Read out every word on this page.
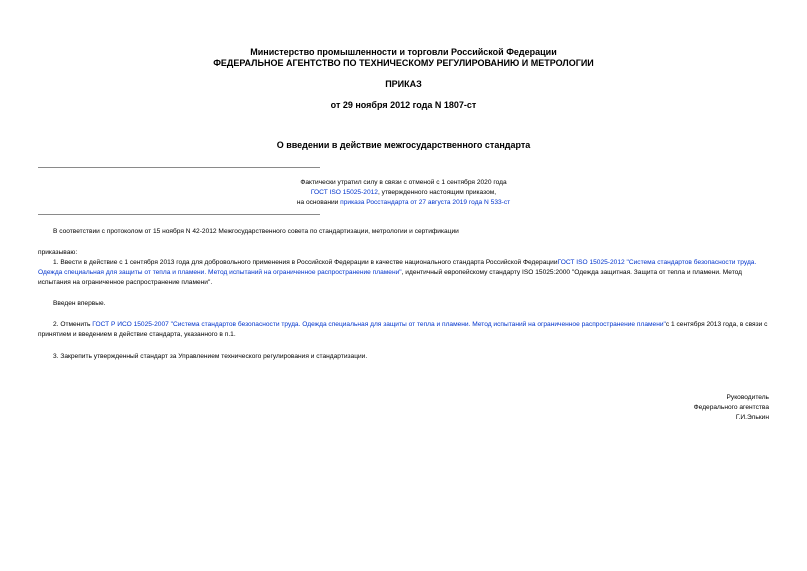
Министерство промышленности и торговли Российской Федерации
ФЕДЕРАЛЬНОЕ АГЕНТСТВО ПО ТЕХНИЧЕСКОМУ РЕГУЛИРОВАНИЮ И МЕТРОЛОГИИ
ПРИКАЗ
от 29 ноября 2012 года N 1807-ст
О введении в действие межгосударственного стандарта
Фактически утратил силу в связи с отменой с 1 сентября 2020 года
ГОСТ ISO 15025-2012, утвержденного настоящим приказом,
на основании приказа Росстандарта от 27 августа 2019 года N 533-ст
В соответствии с протоколом от 15 ноября N 42-2012 Межгосударственного совета по стандартизации, метрологии и сертификации
приказываю:
1. Ввести в действие с 1 сентября 2013 года для добровольного применения в Российской Федерации в качестве национального стандарта Российской ФедерацииГОСТ ISO 15025-2012 "Система стандартов безопасности труда. Одежда специальная для защиты от тепла и пламени. Метод испытаний на ограниченное распространение пламени", идентичный европейскому стандарту ISO 15025:2000 "Одежда защитная. Защита от тепла и пламени. Метод испытания на ограниченное распространение пламени".
Введен впервые.
2. Отменить ГОСТ Р ИСО 15025-2007 "Система стандартов безопасности труда. Одежда специальная для защиты от тепла и пламени. Метод испытаний на ограниченное распространение пламени"с 1 сентября 2013 года, в связи с принятием и введением в действие стандарта, указанного в п.1.
3. Закрепить утвержденный стандарт за Управлением технического регулирования и стандартизации.
Руководитель
Федерального агентства
Г.И.Элькин
